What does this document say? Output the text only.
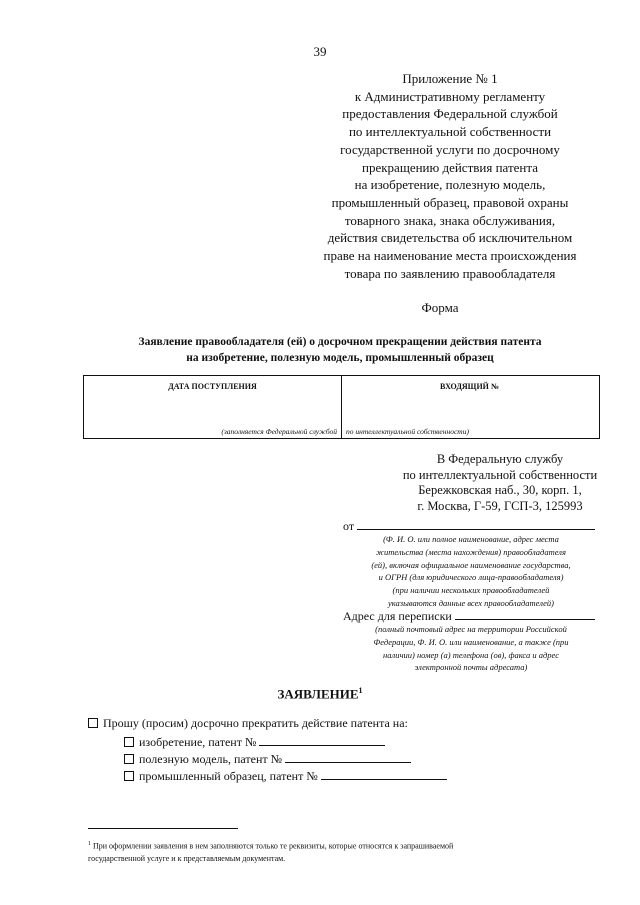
39
Приложение № 1
к Административному регламенту
предоставления Федеральной службой
по интеллектуальной собственности
государственной услуги по досрочному
прекращению действия патента
на изобретение, полезную модель,
промышленный образец, правовой охраны
товарного знака, знака обслуживания,
действия свидетельства об исключительном
праве на наименование места происхождения
товара по заявлению правообладателя
Форма
Заявление правообладателя (ей) о досрочном прекращении действия патента
на изобретение, полезную модель, промышленный образец
ДАТА ПОСТУПЛЕНИЯ	ВХОДЯЩИЙ №
(заполняется Федеральной службой по интеллектуальной собственности)
В Федеральную службу
по интеллектуальной собственности
Бережковская наб., 30, корп. 1,
г. Москва, Г-59, ГСП-3, 125993
от
(Ф. И. О. или полное наименование, адрес места
жительства (места нахождения) правообладателя
(ей), включая официальное наименование государства,
и ОГРН (для юридического лица-правообладателя)
(при наличии нескольких правообладателей
указываются данные всех правообладателей)
Адрес для переписки
(полный почтовый адрес на территории Российской
Федерации, Ф. И. О. или наименование, а также (при
наличии) номер (а) телефона (ов), факса и адрес
электронной почты адресата)
ЗАЯВЛЕНИЕ$^1$
Прошу (просим) досрочно прекратить действие патента на:
изобретение, патент №
полезную модель, патент №
промышленный образец, патент №
$^1$ При оформлении заявления в нем заполняются только те реквизиты, которые относятся к запрашиваемой
государственной услуге и к представляемым документам.
